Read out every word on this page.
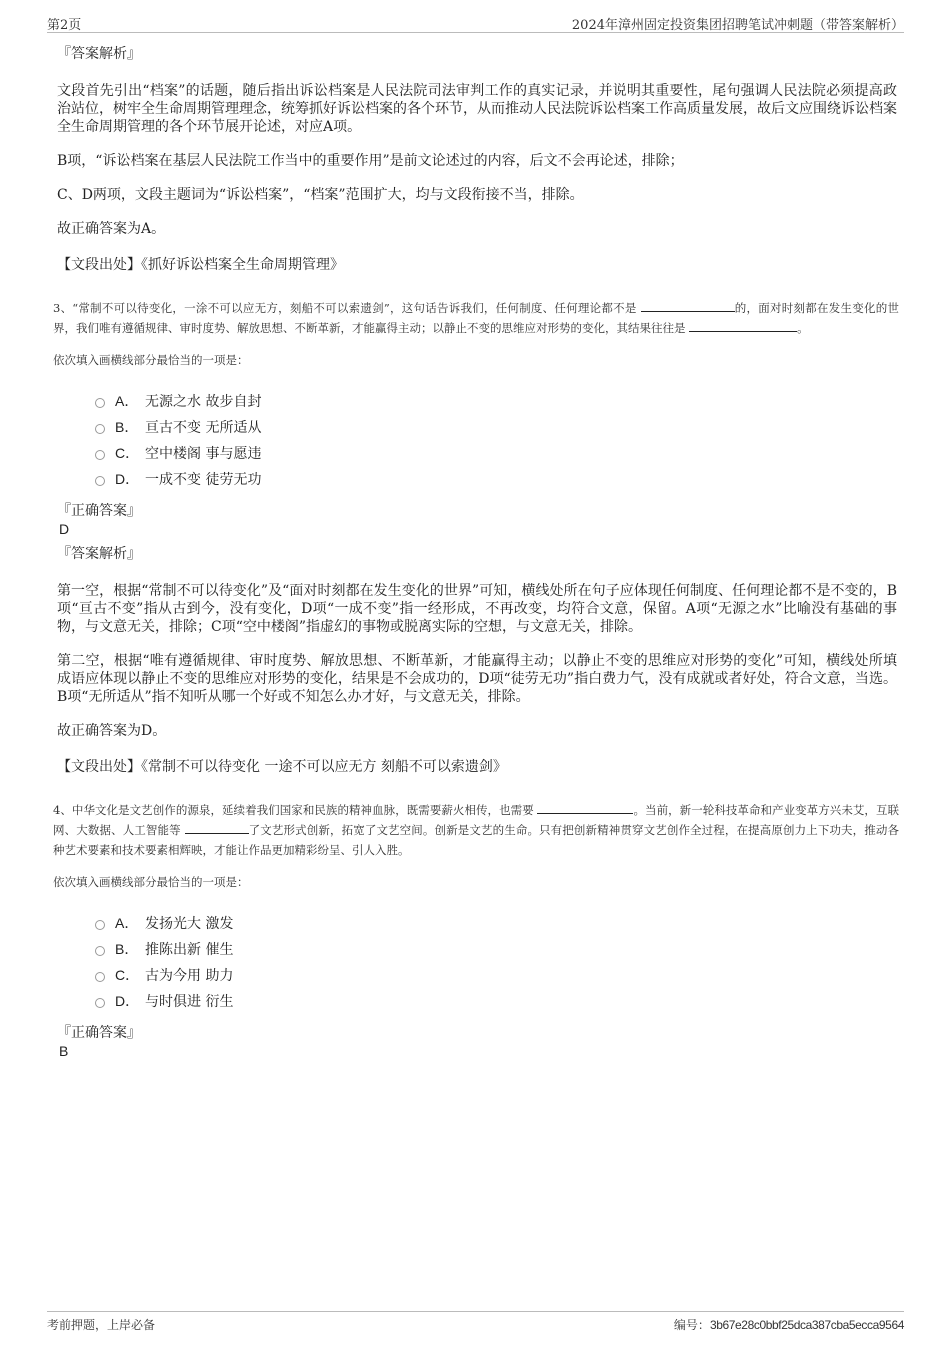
第2页	2024年漳州固定投资集团招聘笔试冲刺题（带答案解析）
『答案解析』
文段首先引出“档案”的话题，随后指出诉讼档案是人民法院司法审判工作的真实记录，并说明其重要性，尾句强调人民法院必须提高政治站位，树牢全生命周期管理理念，统筹抓好诉讼档案的各个环节，从而推动人民法院诉讼档案工作高质量发展，故后文应围绕诉讼档案全生命周期管理的各个环节展开论述，对应A项。
B项，“诉讼档案在基层人民法院工作当中的重要作用”是前文论述过的内容，后文不会再论述，排除；
C、D两项，文段主题词为“诉讼档案”，“档案”范围扩大，均与文段衔接不当，排除。
故正确答案为A。
【文段出处】《抓好诉讼档案全生命周期管理》
3、“常制不可以待变化，一涂不可以应无方，刻船不可以索遗剑”，这句话告诉我们，任何制度、任何理论都不是	的，面对时刻都在发生变化的世界，我们唯有遵循规律、审时度势、解放思想、不断革新，才能赢得主动；以静止不变的思维应对形势的变化，其结果往往是	。
依次填入画横线部分最恰当的一项是：
A． 无源之水 故步自封
B． 亘古不变 无所适从
C． 空中楼阁 事与愿违
D． 一成不变 徒劳无功
『正确答案』
D
『答案解析』
第一空，根据“常制不可以待变化”及“面对时刻都在发生变化的世界”可知，横线处所在句子应体现任何制度、任何理论都不是不变的，B项“亘古不变”指从古到今，没有变化，D项“一成不变”指一经形成，不再改变，均符合文意，保留。A项“无源之水”比喻没有基础的事物，与文意无关，排除；C项“空中楼阁”指虚幻的事物或脱离实际的空想，与文意无关，排除。
第二空，根据“唯有遵循规律、审时度势、解放思想、不断革新，才能赢得主动；以静止不变的思维应对形势的变化”可知，横线处所填成语应体现以静止不变的思维应对形势的变化，结果是不会成功的，D项“徒劳无功”指白费力气，没有成就或者好处，符合文意，当选。B项“无所适从”指不知听从哪一个好或不知怎么办才好，与文意无关，排除。
故正确答案为D。
【文段出处】《常制不可以待变化 一途不可以应无方 刻船不可以索遗剑》
4、中华文化是文艺创作的源泉，延续着我们国家和民族的精神血脉，既需要薪火相传，也需要	。当前，新一轮科技革命和产业变革方兴未艾，互联网、大数据、人工智能等	了文艺形式创新，拓宽了文艺空间。创新是文艺的生命。只有把创新精神贯穿文艺创作全过程，在提高原创力上下功夫，推动各种艺术要素和技术要素相辉映，才能让作品更加精彩纷呈、引人入胜。
依次填入画横线部分最恰当的一项是：
A． 发扬光大 激发
B． 推陈出新 催生
C． 古为今用 助力
D． 与时俱进 衍生
『正确答案』
B
考前押题，上岸必备	编号：3b67e28c0bbf25dca387cba5ecca9564
